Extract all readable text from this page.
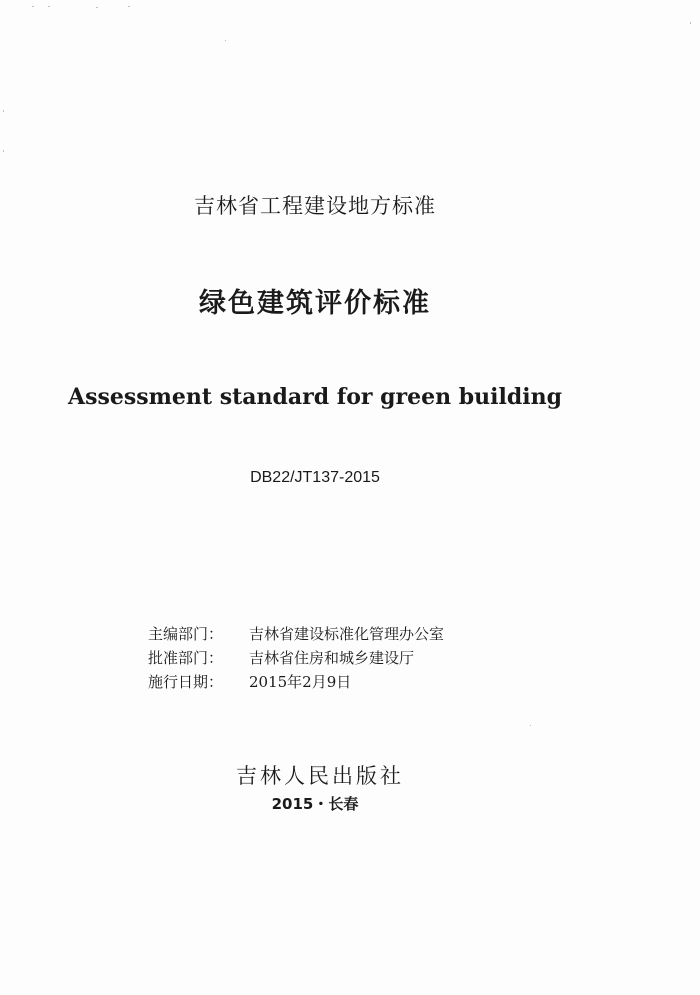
吉林省工程建设地方标准
绿色建筑评价标准
Assessment standard for green building
DB22/JT137-2015
主编部门：	吉林省建设标准化管理办公室
批准部门：	吉林省住房和城乡建设厅
施行日期：	2015年2月9日
吉林人民出版社
2015・长春
